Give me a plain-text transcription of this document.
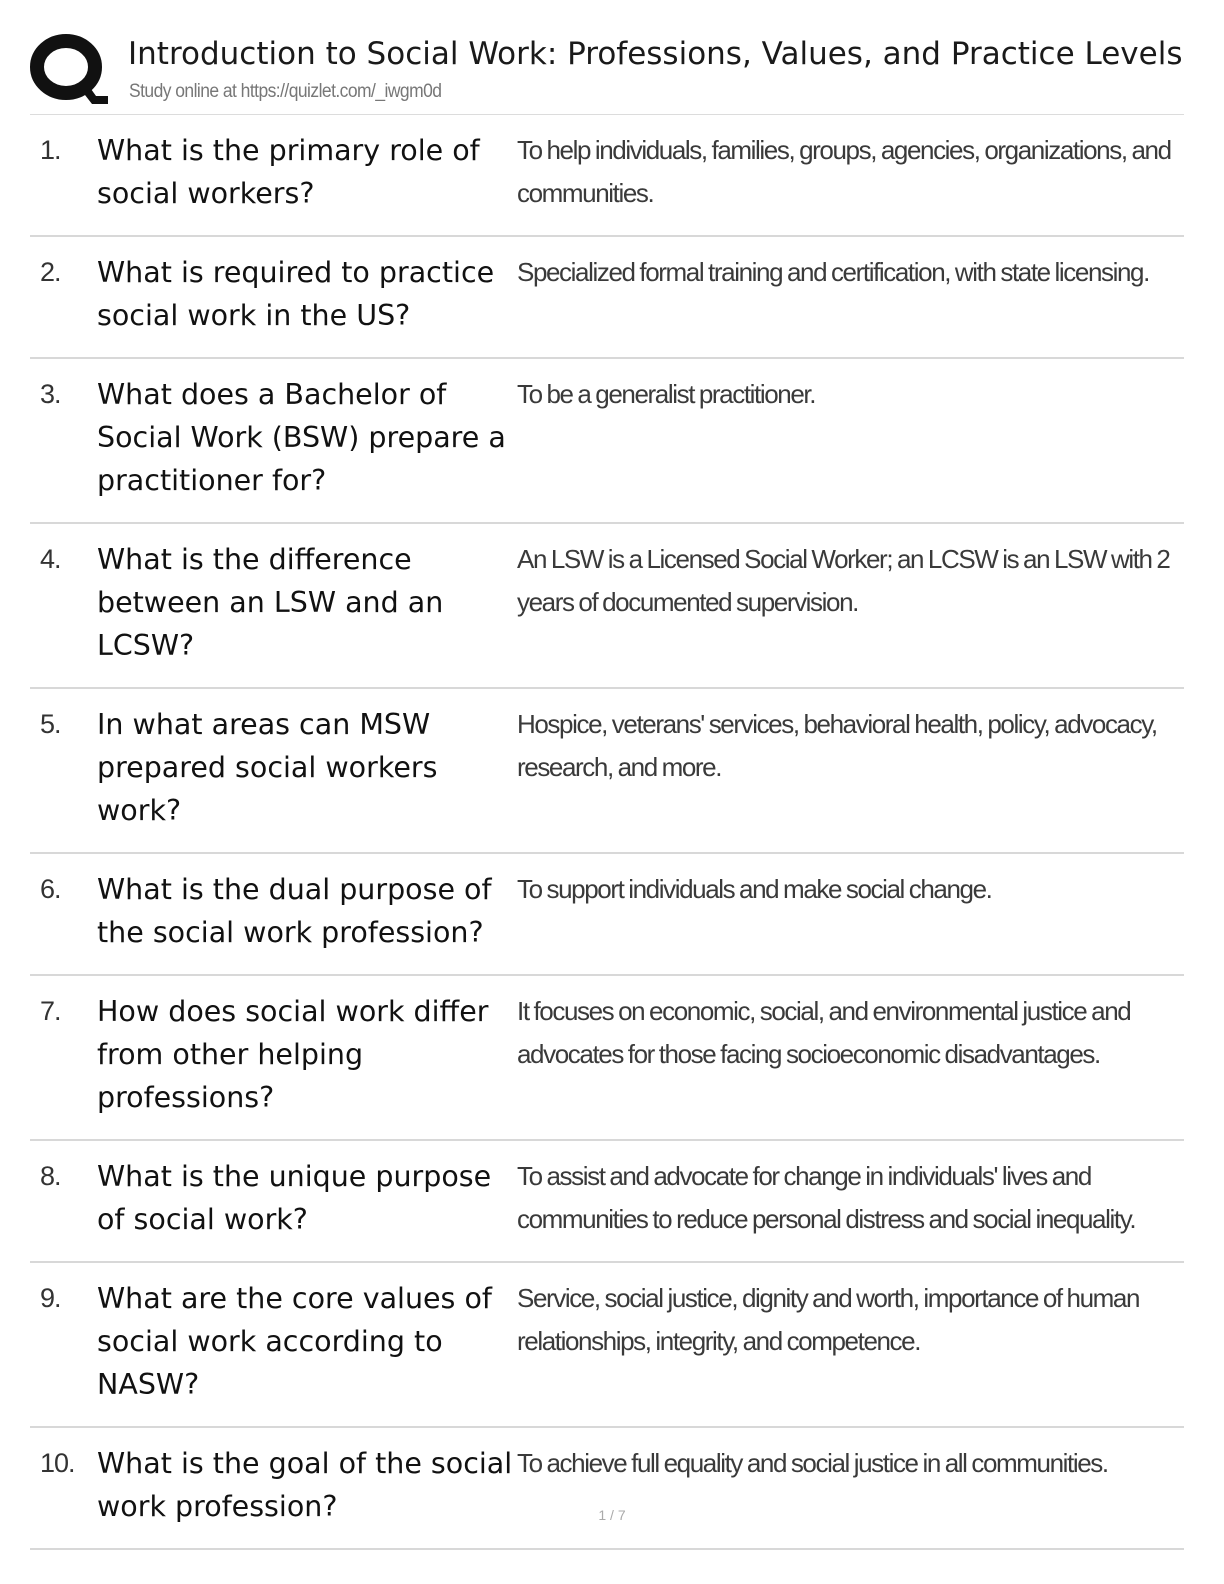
Introduction to Social Work: Professions, Values, and Practice Levels
Study online at https://quizlet.com/_iwgm0d
1.	What is the primary role of social workers?
To help individuals, families, groups, agencies, organizations, and communities.
2.	What is required to practice social work in the US?
Specialized formal training and certification, with state licensing.
3.	What does a Bachelor of Social Work (BSW) prepare a practitioner for?
To be a generalist practitioner.
4.	What is the difference between an LSW and an LCSW?
An LSW is a Licensed Social Worker; an LCSW is an LSW with 2 years of documented supervision.
5.	In what areas can MSW prepared social workers work?
Hospice, veterans' services, behavioral health, policy, advocacy, research, and more.
6.	What is the dual purpose of the social work profession?
To support individuals and make social change.
7.	How does social work differ from other helping professions?
It focuses on economic, social, and environmental justice and advocates for those facing socioeconomic disadvantages.
8.	What is the unique purpose of social work?
To assist and advocate for change in individuals' lives and communities to reduce personal distress and social inequality.
9.	What are the core values of social work according to NASW?
Service, social justice, dignity and worth, importance of human relationships, integrity, and competence.
10. What is the goal of the social work profession?
To achieve full equality and social justice in all communities.
1 / 7
